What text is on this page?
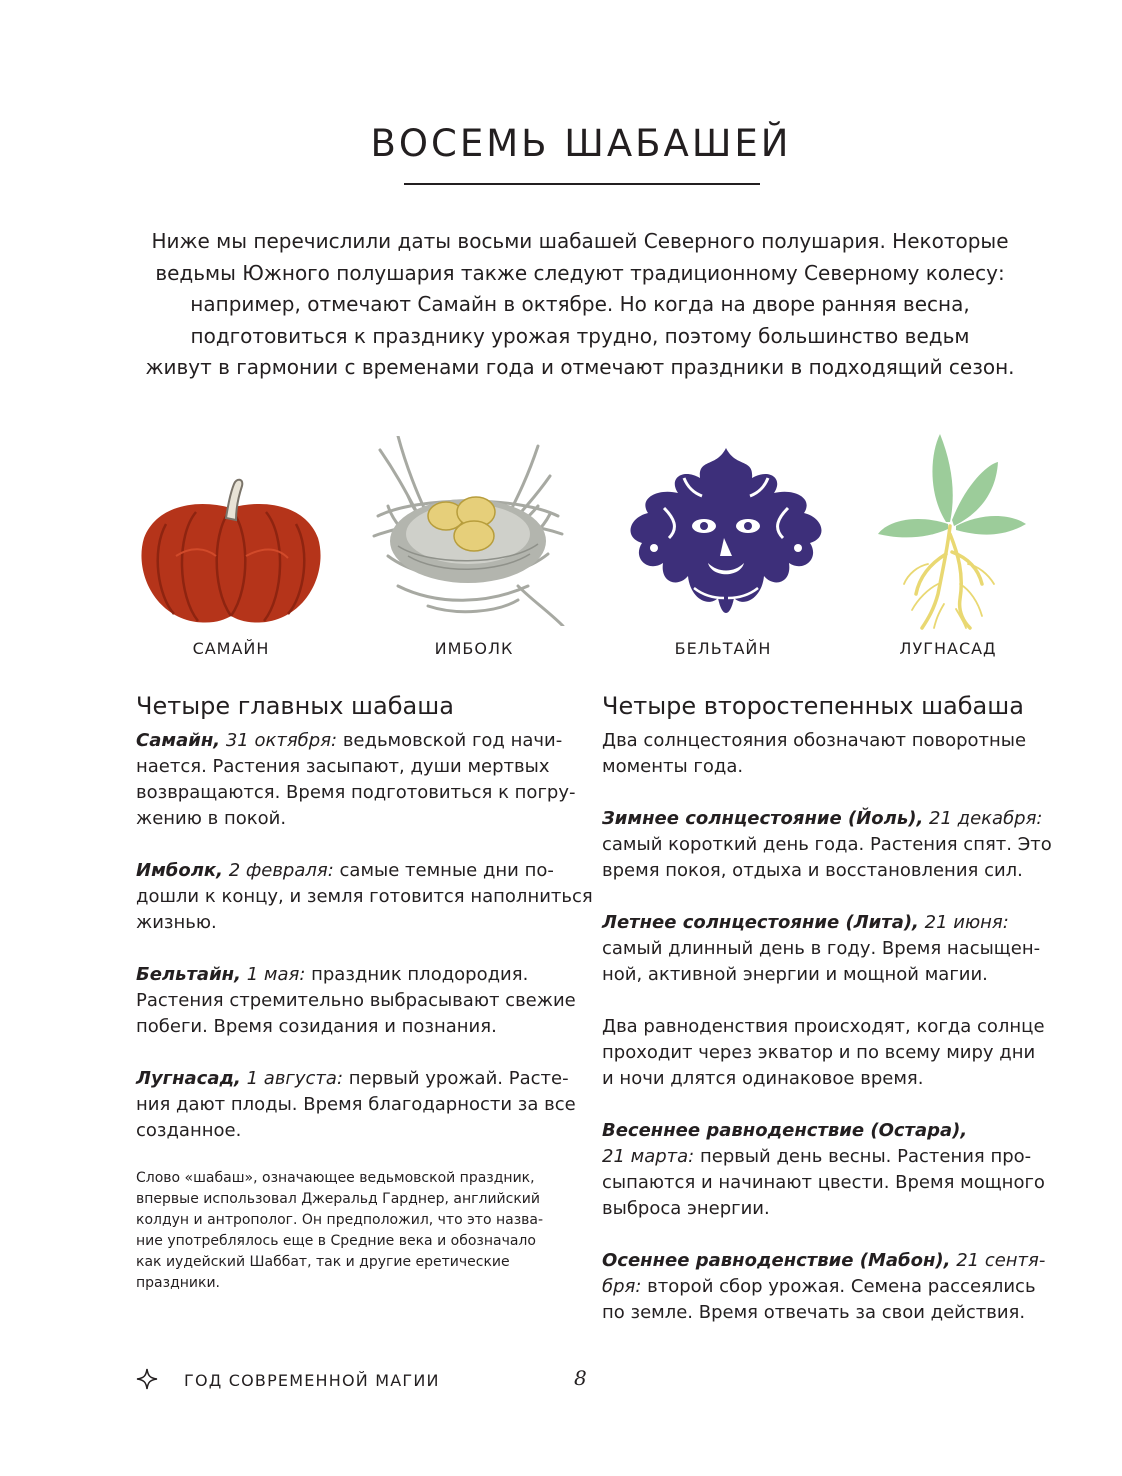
ВОСЕМЬ ШАБАШЕЙ

Ниже мы перечислили даты восьми шабашей Северного полушария. Некоторые
ведьмы Южного полушария также следуют традиционному Северному колесу:
например, отмечают Самайн в октябре. Но когда на дворе ранняя весна,
подготовиться к празднику урожая трудно, поэтому большинство ведьм
живут в гармонии с временами года и отмечают праздники в подходящий сезон.

САМАЙН	ИМБОЛК	БЕЛЬТАЙН	ЛУГНАСАД
Четыре главных шабаша

Самайн, 31 октября: ведьмовской год начи-
нается. Растения засыпают, души мертвых
возвращаются. Время подготовиться к погру-
жению в покой.

Имболк, 2 февраля: самые темные дни по-
дошли к концу, и земля готовится наполниться
жизнью.

Бельтайн, 1 мая: праздник плодородия.
Растения стремительно выбрасывают свежие
побеги. Время созидания и познания.

Лугнасад, 1 августа: первый урожай. Расте-
ния дают плоды. Время благодарности за все
созданное.

Слово «шабаш», означающее ведьмовской праздник,
впервые использовал Джеральд Гарднер, английский
колдун и антрополог. Он предположил, что это назва-
ние употреблялось еще в Средние века и обозначало
как иудейский Шаббат, так и другие еретические
праздники.

Четыре второстепенных шабаша

Два солнцестояния обозначают поворотные
моменты года.

Зимнее солнцестояние (Йоль), 21 декабря:
самый короткий день года. Растения спят. Это
время покоя, отдыха и восстановления сил.

Летнее солнцестояние (Лита), 21 июня:
самый длинный день в году. Время насыщен-
ной, активной энергии и мощной магии.

Два равноденствия происходят, когда солнце
проходит через экватор и по всему миру дни
и ночи длятся одинаковое время.

Весеннее равноденствие (Остара),
21 марта: первый день весны. Растения про-
сыпаются и начинают цвести. Время мощного
выброса энергии.

Осеннее равноденствие (Мабон), 21 сентя-
бря: второй сбор урожая. Семена рассеялись
по земле. Время отвечать за свои действия.

ГОД СОВРЕМЕННОЙ МАГИИ	8
